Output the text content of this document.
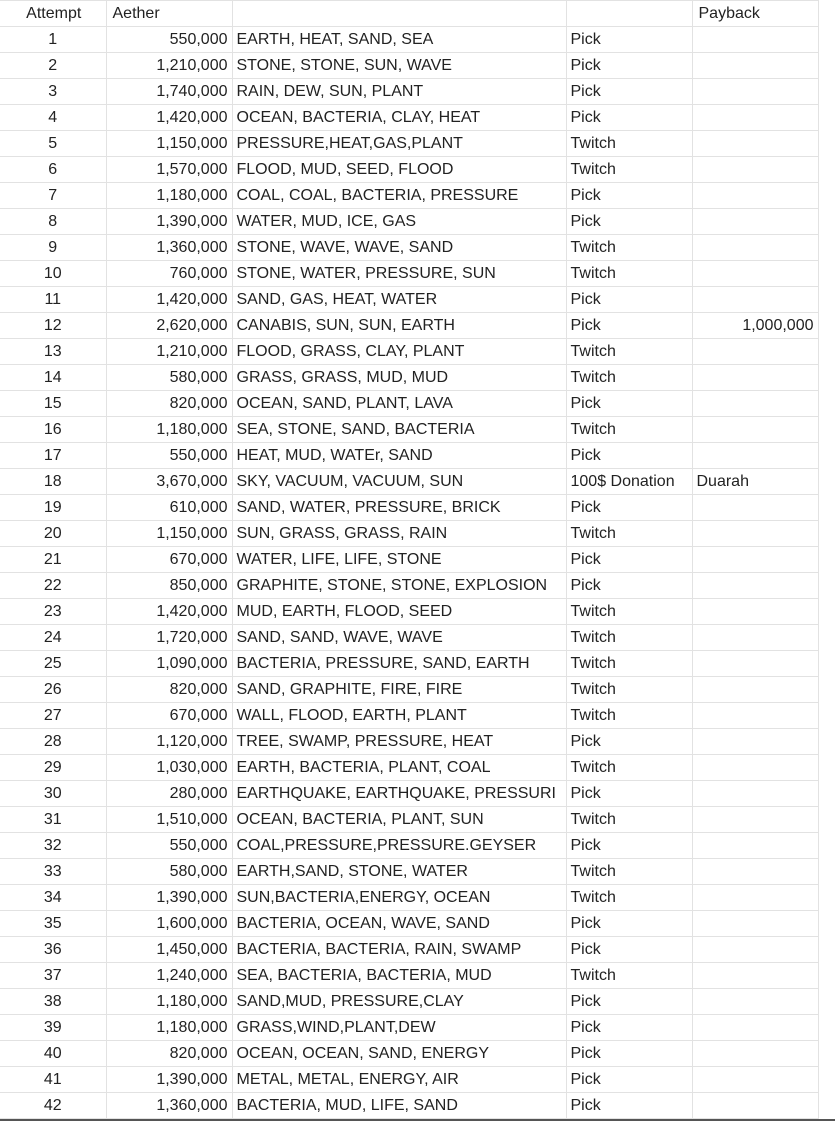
Attempt	Aether			Payback
1	550,000	EARTH, HEAT, SAND, SEA	Pick	
2	1,210,000	STONE, STONE, SUN, WAVE	Pick	
3	1,740,000	RAIN, DEW, SUN, PLANT	Pick	
4	1,420,000	OCEAN, BACTERIA, CLAY, HEAT	Pick	
5	1,150,000	PRESSURE,HEAT,GAS,PLANT	Twitch	
6	1,570,000	FLOOD, MUD, SEED, FLOOD	Twitch	
7	1,180,000	COAL, COAL, BACTERIA, PRESSURE	Pick	
8	1,390,000	WATER, MUD, ICE, GAS	Pick	
9	1,360,000	STONE, WAVE, WAVE, SAND	Twitch	
10	760,000	STONE, WATER, PRESSURE, SUN	Twitch	
11	1,420,000	SAND, GAS, HEAT, WATER	Pick	
12	2,620,000	CANABIS, SUN, SUN, EARTH	Pick	1,000,000
13	1,210,000	FLOOD, GRASS, CLAY, PLANT	Twitch	
14	580,000	GRASS, GRASS, MUD, MUD	Twitch	
15	820,000	OCEAN, SAND, PLANT, LAVA	Pick	
16	1,180,000	SEA, STONE, SAND, BACTERIA	Twitch	
17	550,000	HEAT, MUD, WATEr, SAND	Pick	
18	3,670,000	SKY, VACUUM, VACUUM, SUN	100$ Donation	Duarah
19	610,000	SAND, WATER, PRESSURE, BRICK	Pick	
20	1,150,000	SUN, GRASS, GRASS, RAIN	Twitch	
21	670,000	WATER, LIFE, LIFE, STONE	Pick	
22	850,000	GRAPHITE, STONE, STONE, EXPLOSION	Pick	
23	1,420,000	MUD, EARTH, FLOOD, SEED	Twitch	
24	1,720,000	SAND, SAND, WAVE, WAVE	Twitch	
25	1,090,000	BACTERIA, PRESSURE, SAND, EARTH	Twitch	
26	820,000	SAND, GRAPHITE, FIRE, FIRE	Twitch	
27	670,000	WALL, FLOOD, EARTH, PLANT	Twitch	
28	1,120,000	TREE, SWAMP, PRESSURE, HEAT	Pick	
29	1,030,000	EARTH, BACTERIA, PLANT, COAL	Twitch	
30	280,000	EARTHQUAKE, EARTHQUAKE, PRESSURI	Pick	
31	1,510,000	OCEAN, BACTERIA, PLANT, SUN	Twitch	
32	550,000	COAL,PRESSURE,PRESSURE.GEYSER	Pick	
33	580,000	EARTH,SAND, STONE, WATER	Twitch	
34	1,390,000	SUN,BACTERIA,ENERGY, OCEAN	Twitch	
35	1,600,000	BACTERIA, OCEAN, WAVE, SAND	Pick	
36	1,450,000	BACTERIA, BACTERIA, RAIN, SWAMP	Pick	
37	1,240,000	SEA, BACTERIA, BACTERIA, MUD	Twitch	
38	1,180,000	SAND,MUD, PRESSURE,CLAY	Pick	
39	1,180,000	GRASS,WIND,PLANT,DEW	Pick	
40	820,000	OCEAN, OCEAN, SAND, ENERGY	Pick	
41	1,390,000	METAL, METAL, ENERGY, AIR	Pick	
42	1,360,000	BACTERIA, MUD, LIFE, SAND	Pick	
